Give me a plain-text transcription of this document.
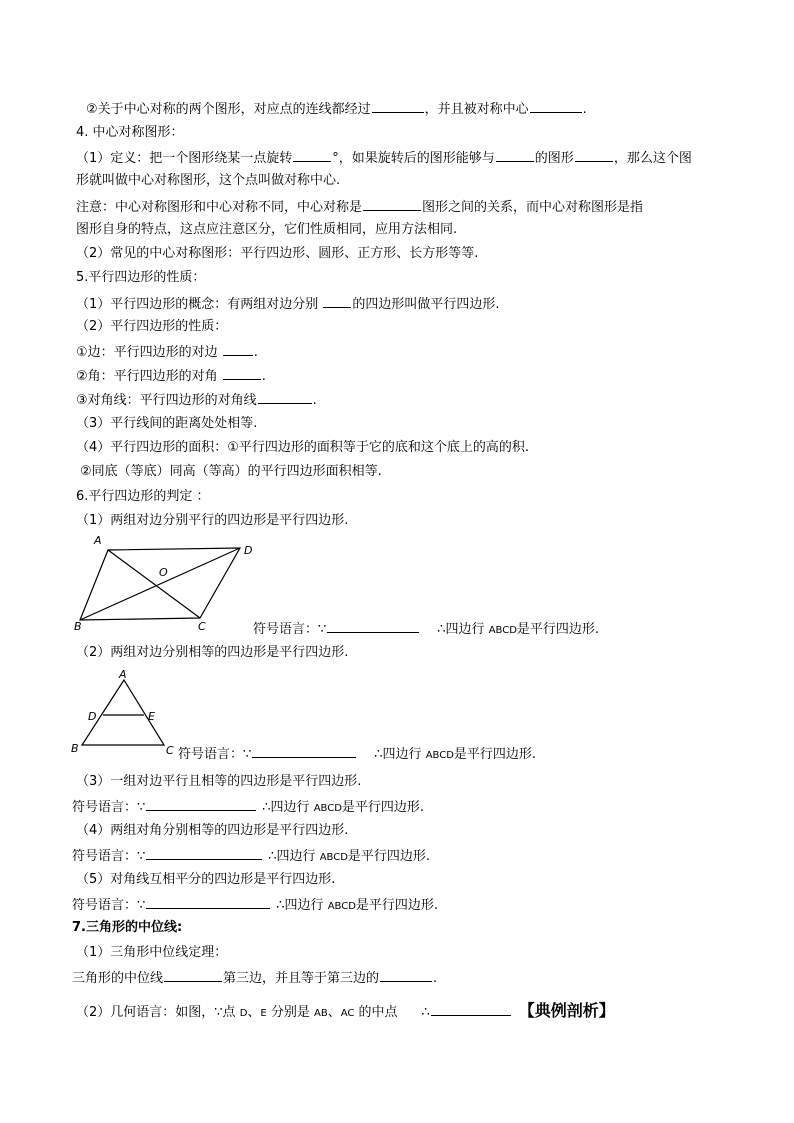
②关于中心对称的两个图形，对应点的连线都经过	，并且被对称中心	.
4. 中心对称图形：
（1）定义：把一个图形绕某一点旋转	°，如果旋转后的图形能够与	的图形	，那么这个图
形就叫做中心对称图形，这个点叫做对称中心.
注意：中心对称图形和中心对称不同，中心对称是	图形之间的关系，而中心对称图形是指
图形自身的特点，这点应注意区分，它们性质相同，应用方法相同.
（2）常见的中心对称图形：平行四边形、圆形、正方形、长方形等等.
5.平行四边形的性质：
（1）平行四边形的概念：有两组对边分别 的四边形叫做平行四边形.
（2）平行四边形的性质：
①边：平行四边形的对边 .
②角：平行四边形的对角	.
③对角线：平行四边形的对角线	.
（3）平行线间的距离处处相等.
（4）平行四边形的面积：①平行四边形的面积等于它的底和这个底上的高的积.
②同底（等底）同高（等高）的平行四边形面积相等.
6.平行四边形的判定 ：
（1）两组对边分别平行的四边形是平行四边形.
A
D
B	C
O
符号语言：∵	∴四边行 ABCD是平行四边形.
（2）两组对边分别相等的四边形是平行四边形.
A
D	E
B	C 符号语言：∵	∴四边行 ABCD是平行四边形.
（3）一组对边平行且相等的四边形是平行四边形.
符号语言：∵	∴四边行 ABCD是平行四边形.
（4）两组对角分别相等的四边形是平行四边形.
符号语言：∵	∴四边行 ABCD是平行四边形.
（5）对角线互相平分的四边形是平行四边形.
符号语言：∵	∴四边行 ABCD是平行四边形.
7.三角形的中位线:
（1）三角形中位线定理：
三角形的中位线	第三边，并且等于第三边的	.
（2）几何语言：如图，∵点 D、E 分别是 AB、AC 的中点 ∴	【典例剖析】
